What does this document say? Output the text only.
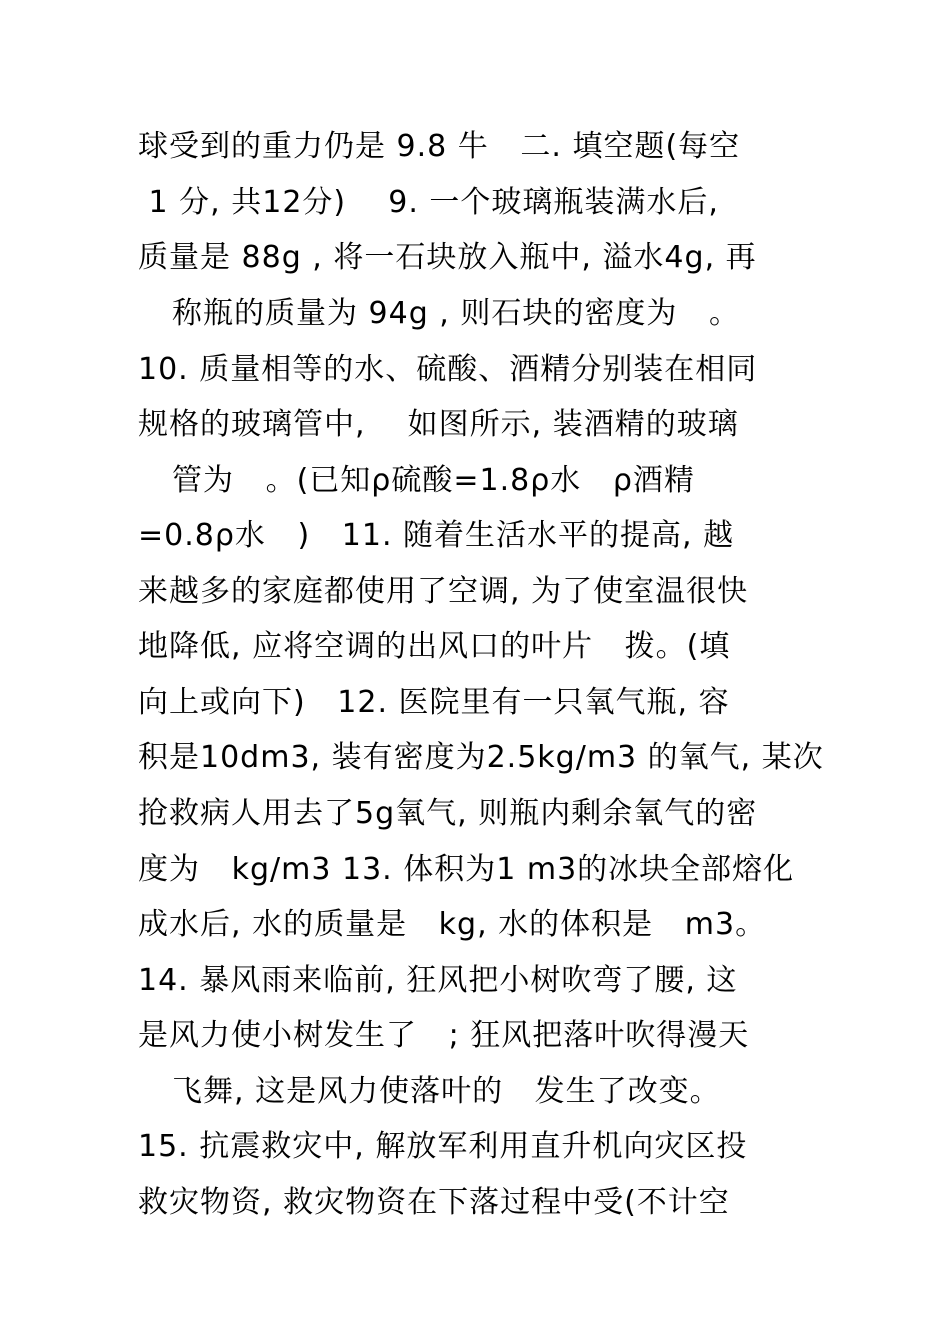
球受到的重力仍是 9.8 牛   二. 填空题(每空
1 分, 共12分)    9. 一个玻璃瓶装满水后,
质量是 88g , 将一石块放入瓶中, 溢水4g, 再
称瓶的质量为 94g , 则石块的密度为   。
10. 质量相等的水、硫酸、酒精分别装在相同
规格的玻璃管中,    如图所示, 装酒精的玻璃
管为   。(已知ρ硫酸=1.8ρ水   ρ酒精
=0.8ρ水   )   11. 随着生活水平的提高, 越
来越多的家庭都使用了空调, 为了使室温很快
地降低, 应将空调的出风口的叶片   拨。(填
向上或向下)   12. 医院里有一只氧气瓶, 容
积是10dm3, 装有密度为2.5kg/m3 的氧气, 某次
抢救病人用去了5g氧气, 则瓶内剩余氧气的密
度为   kg/m3 13. 体积为1 m3的冰块全部熔化
成水后, 水的质量是   kg, 水的体积是   m3。
14. 暴风雨来临前, 狂风把小树吹弯了腰, 这
是风力使小树发生了   ; 狂风把落叶吹得漫天
飞舞, 这是风力使落叶的   发生了改变。
15. 抗震救灾中, 解放军利用直升机向灾区投
救灾物资, 救灾物资在下落过程中受(不计空
